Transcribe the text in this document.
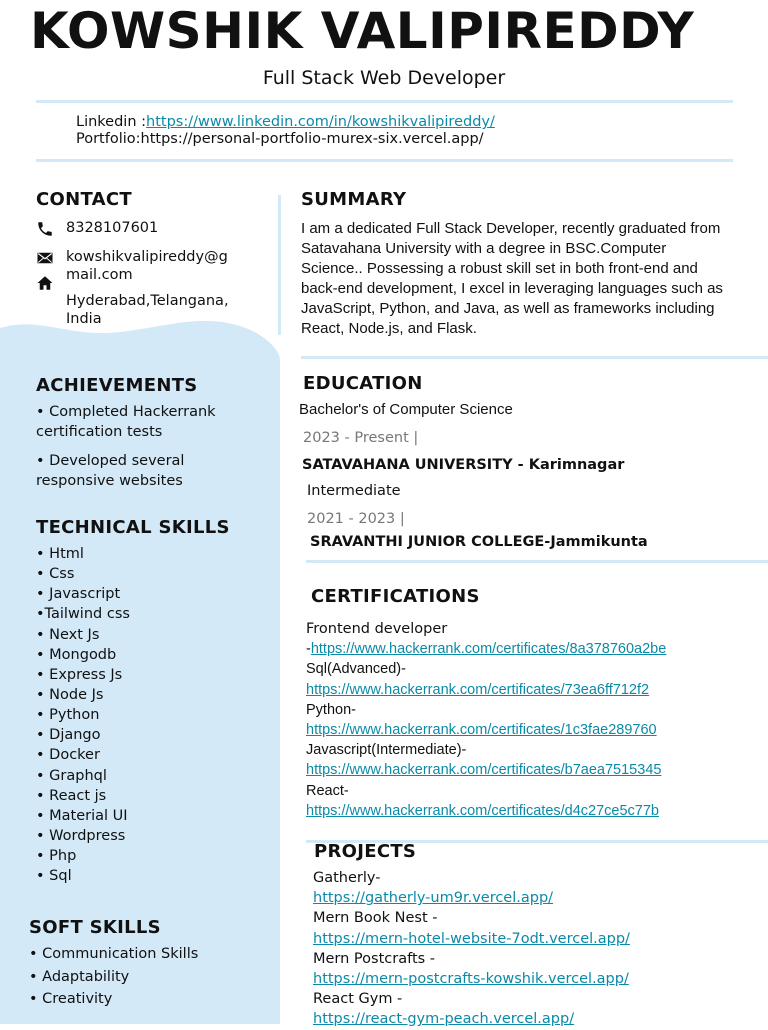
KOWSHIK VALIPIREDDY
Full Stack Web Developer
Linkedin :https://www.linkedin.com/in/kowshikvalipireddy/
Portfolio:https://personal-portfolio-murex-six.vercel.app/
CONTACT
8328107601
kowshikvalipireddy@g
mail.com
Hyderabad,Telangana,
India
ACHIEVEMENTS
• Completed Hackerrank
certification tests
• Developed several
responsive websites
TECHNICAL SKILLS
• Html
• Css
• Javascript
•Tailwind css
• Next Js
• Mongodb
• Express Js
• Node Js
• Python
• Django
• Docker
• Graphql
• React js
• Material UI
• Wordpress
• Php
• Sql
SOFT SKILLS
• Communication Skills
• Adaptability
• Creativity
SUMMARY
I am a dedicated Full Stack Developer, recently graduated from
Satavahana University with a degree in BSC.Computer
Science.. Possessing a robust skill set in both front-end and
back-end development, I excel in leveraging languages such as
JavaScript, Python, and Java, as well as frameworks including
React, Node.js, and Flask.
EDUCATION
Bachelor's of Computer Science
2023 - Present |
SATAVAHANA UNIVERSITY - Karimnagar
Intermediate
2021 - 2023 |
SRAVANTHI JUNIOR COLLEGE-Jammikunta
CERTIFICATIONS
Frontend developer
-https://www.hackerrank.com/certificates/8a378760a2be
Sql(Advanced)-
https://www.hackerrank.com/certificates/73ea6ff712f2
Python-
https://www.hackerrank.com/certificates/1c3fae289760
Javascript(Intermediate)-
https://www.hackerrank.com/certificates/b7aea7515345
React-
https://www.hackerrank.com/certificates/d4c27ce5c77b
PROJECTS
Gatherly-
https://gatherly-um9r.vercel.app/
Mern Book Nest -
https://mern-hotel-website-7odt.vercel.app/
Mern Postcrafts -
https://mern-postcrafts-kowshik.vercel.app/
React Gym -
https://react-gym-peach.vercel.app/
